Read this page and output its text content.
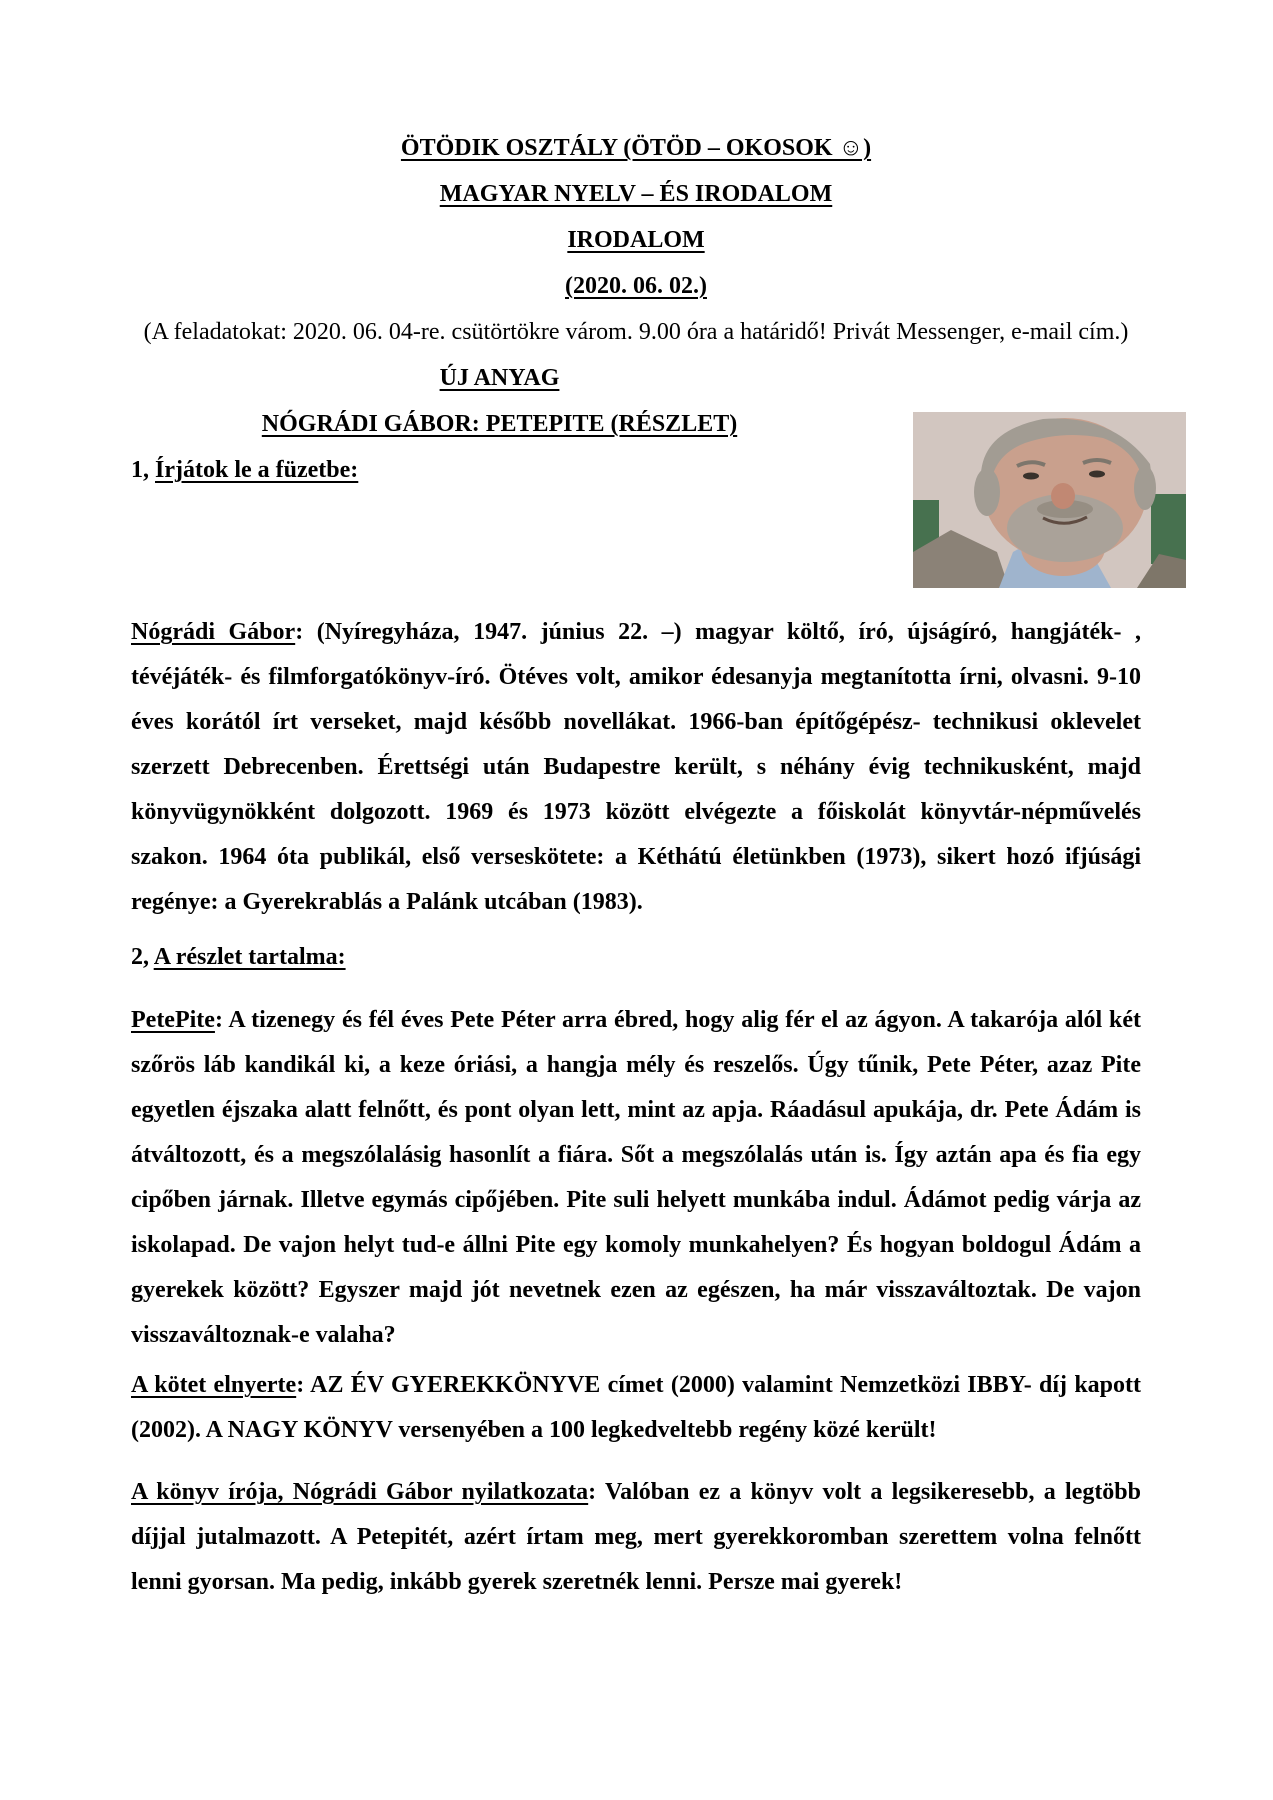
ÖTÖDIK OSZTÁLY (ÖTÖD – OKOSOK ☺)
MAGYAR NYELV – ÉS IRODALOM
IRODALOM
(2020. 06. 02.)
(A feladatokat: 2020. 06. 04-re. csütörtökre várom. 9.00 óra a határidő! Privát Messenger, e-mail cím.)
ÚJ ANYAG
NÓGRÁDI GÁBOR: PETEPITE (RÉSZLET)
1, Írjátok le a füzetbe:

Nógrádi Gábor: (Nyíregyháza, 1947. június 22. –) magyar költő, író, újságíró, hangjáték- , tévéjáték- és filmforgatókönyv-író. Ötéves volt, amikor édesanyja megtanította írni, olvasni. 9-10 éves korától írt verseket, majd később novellákat. 1966-ban építőgépész- technikusi oklevelet szerzett Debrecenben. Érettségi után Budapestre került, s néhány évig technikusként, majd könyvügynökként dolgozott. 1969 és 1973 között elvégezte a főiskolát könyvtár-népművelés szakon. 1964 óta publikál, első verseskötete: a Kéthátú életünkben (1973), sikert hozó ifjúsági regénye: a Gyerekrablás a Palánk utcában (1983).

2, A részlet tartalma:

PetePite: A tizenegy és fél éves Pete Péter arra ébred, hogy alig fér el az ágyon. A takarója alól két szőrös láb kandikál ki, a keze óriási, a hangja mély és reszelős. Úgy tűnik, Pete Péter, azaz Pite egyetlen éjszaka alatt felnőtt, és pont olyan lett, mint az apja. Ráadásul apukája, dr. Pete Ádám is átváltozott, és a megszólalásig hasonlít a fiára. Sőt a megszólalás után is. Így aztán apa és fia egy cipőben járnak. Illetve egymás cipőjében. Pite suli helyett munkába indul. Ádámot pedig várja az iskolapad. De vajon helyt tud-e állni Pite egy komoly munkahelyen? És hogyan boldogul Ádám a gyerekek között? Egyszer majd jót nevetnek ezen az egészen, ha már visszaváltoztak. De vajon visszaváltoznak-e valaha?

A kötet elnyerte: AZ ÉV GYEREKKÖNYVE címet (2000) valamint Nemzetközi IBBY- díj kapott (2002). A NAGY KÖNYV versenyében a 100 legkedveltebb regény közé került!

A könyv írója, Nógrádi Gábor nyilatkozata: Valóban ez a könyv volt a legsikeresebb, a legtöbb díjjal jutalmazott. A Petepitét, azért írtam meg, mert gyerekkoromban szerettem volna felnőtt lenni gyorsan. Ma pedig, inkább gyerek szeretnék lenni. Persze mai gyerek!
